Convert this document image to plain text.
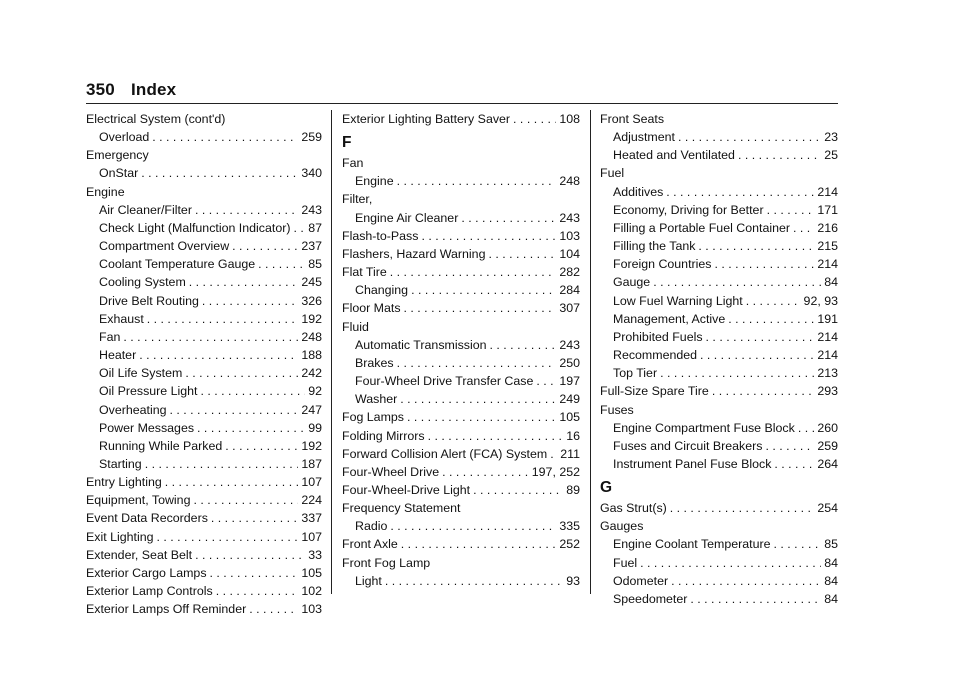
350 Index
Electrical System (cont'd)
Overload . . .	259
Emergency
OnStar . . .	340
Engine
Air Cleaner/Filter . . .	243
Check Light (Malfunction Indicator) . . . 87
Compartment Overview . . .	237
Coolant Temperature Gauge . . .	85
Cooling System . . .	245
Drive Belt Routing . . .	326
Exhaust . . .	192
Fan . . .	248
Heater . . .	188
Oil Life System . . .	242
Oil Pressure Light . . .	92
Overheating . . .	247
Power Messages . . .	99
Running While Parked . . .	192
Starting . . .	187
Entry Lighting . . .	107
Equipment, Towing . . .	224
Event Data Recorders . . .	337
Exit Lighting . . .	107
Extender, Seat Belt . . .	33
Exterior Cargo Lamps . . .	105
Exterior Lamp Controls . . .	102
Exterior Lamps Off Reminder . . .	103
Exterior Lighting Battery Saver . . .	108
F
Fan
Engine . . .	248
Filter,
Engine Air Cleaner . . .	243
Flash-to-Pass . . .	103
Flashers, Hazard Warning . . .	104
Flat Tire . . .	282
Changing . . .	284
Floor Mats . . .	307
Fluid
Automatic Transmission . . .	243
Brakes . . .	250
Four-Wheel Drive Transfer Case . . . 197
Washer . . .	249
Fog Lamps . . .	105
Folding Mirrors . . .	16
Forward Collision Alert (FCA) System . . . 211
Four-Wheel Drive . . .	197, 252
Four-Wheel-Drive Light . . .	89
Frequency Statement
Radio . . .	335
Front Axle . . .	252
Front Fog Lamp
Light . . .	93
Front Seats
Adjustment . . .	23
Heated and Ventilated . . .	25
Fuel
Additives . . .	214
Economy, Driving for Better . . .	171
Filling a Portable Fuel Container . . . 216
Filling the Tank . . .	215
Foreign Countries . . .	214
Gauge . . .	84
Low Fuel Warning Light . . .	92, 93
Management, Active . . .	191
Prohibited Fuels . . .	214
Recommended . . .	214
Top Tier . . .	213
Full-Size Spare Tire . . .	293
Fuses
Engine Compartment Fuse Block . . . 260
Fuses and Circuit Breakers . . .	259
Instrument Panel Fuse Block . . .	264
G
Gas Strut(s) . . .	254
Gauges
Engine Coolant Temperature . . .	85
Fuel . . .	84
Odometer . . .	84
Speedometer . . .	84
